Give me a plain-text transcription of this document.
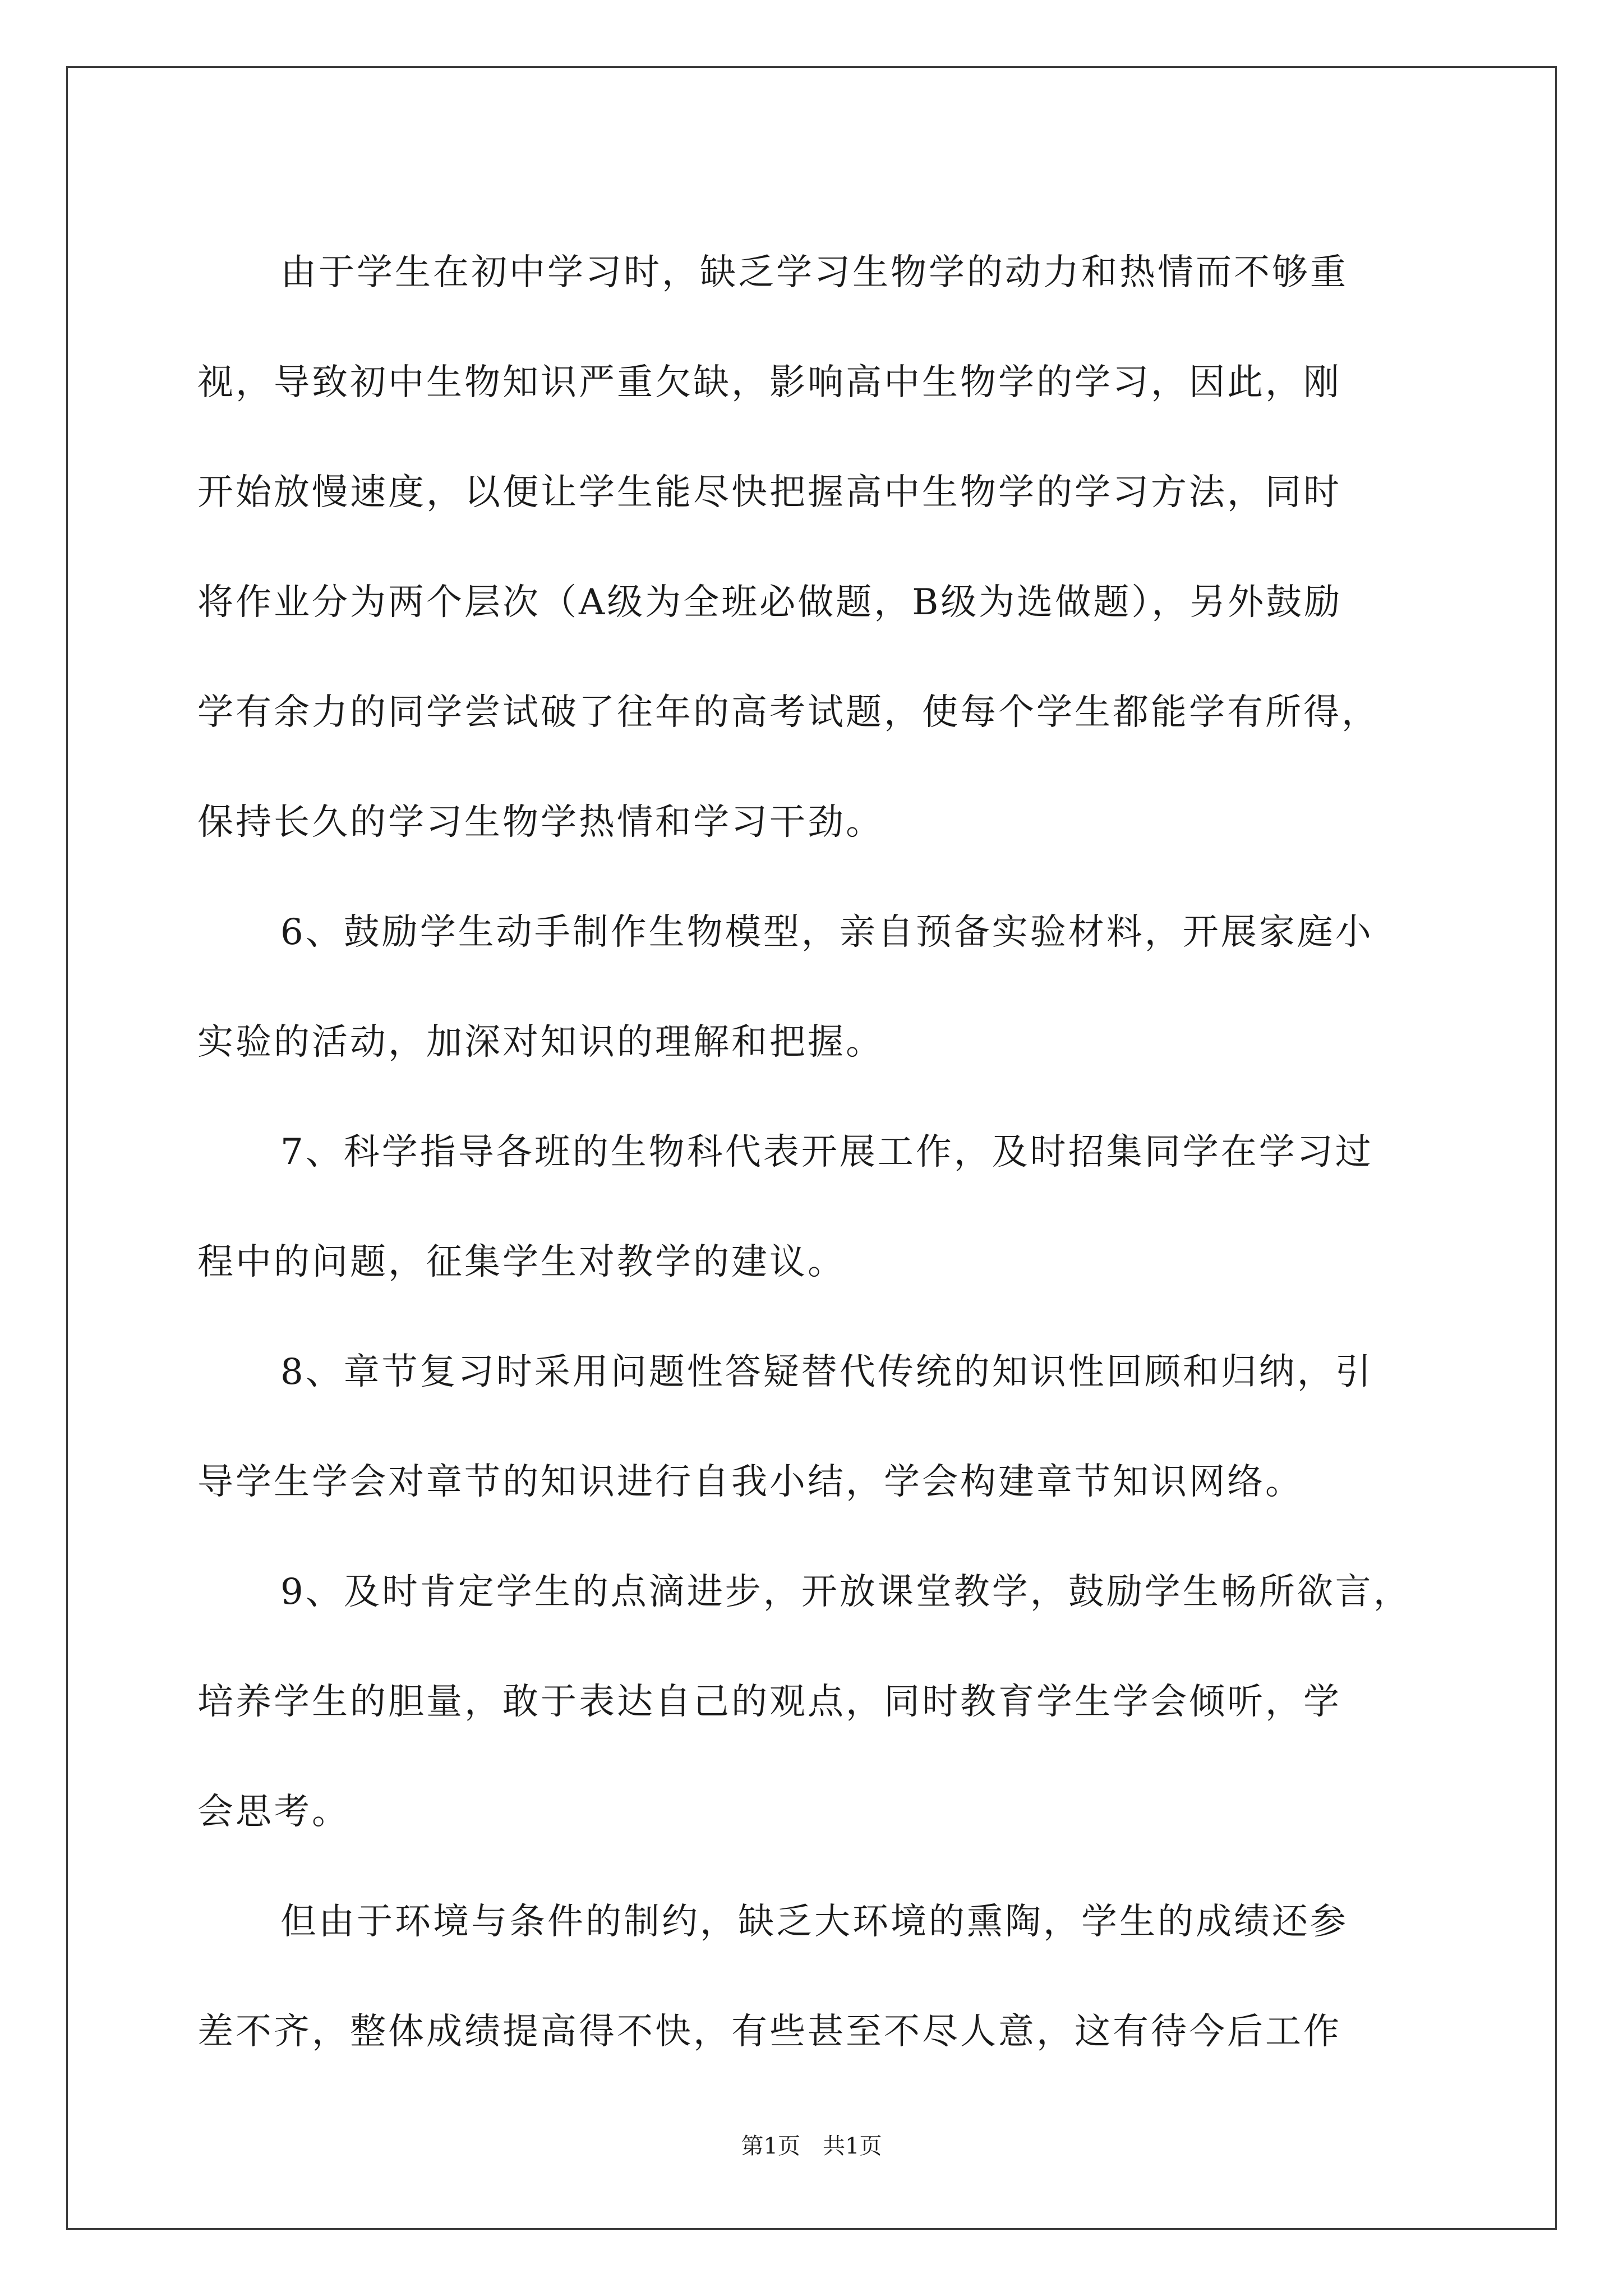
由于学生在初中学习时，缺乏学习生物学的动力和热情而不够重
视，导致初中生物知识严重欠缺，影响高中生物学的学习，因此，刚
开始放慢速度，以便让学生能尽快把握高中生物学的学习方法，同时
将作业分为两个层次（A级为全班必做题，B级为选做题），另外鼓励
学有余力的同学尝试破了往年的高考试题，使每个学生都能学有所得，
保持长久的学习生物学热情和学习干劲。
6、鼓励学生动手制作生物模型，亲自预备实验材料，开展家庭小
实验的活动，加深对知识的理解和把握。
7、科学指导各班的生物科代表开展工作，及时招集同学在学习过
程中的问题，征集学生对教学的建议。
8、章节复习时采用问题性答疑替代传统的知识性回顾和归纳，引
导学生学会对章节的知识进行自我小结，学会构建章节知识网络。
9、及时肯定学生的点滴进步，开放课堂教学，鼓励学生畅所欲言，
培养学生的胆量，敢于表达自己的观点，同时教育学生学会倾听，学
会思考。
但由于环境与条件的制约，缺乏大环境的熏陶，学生的成绩还参
差不齐，整体成绩提高得不快，有些甚至不尽人意，这有待今后工作
第1页　共1页
